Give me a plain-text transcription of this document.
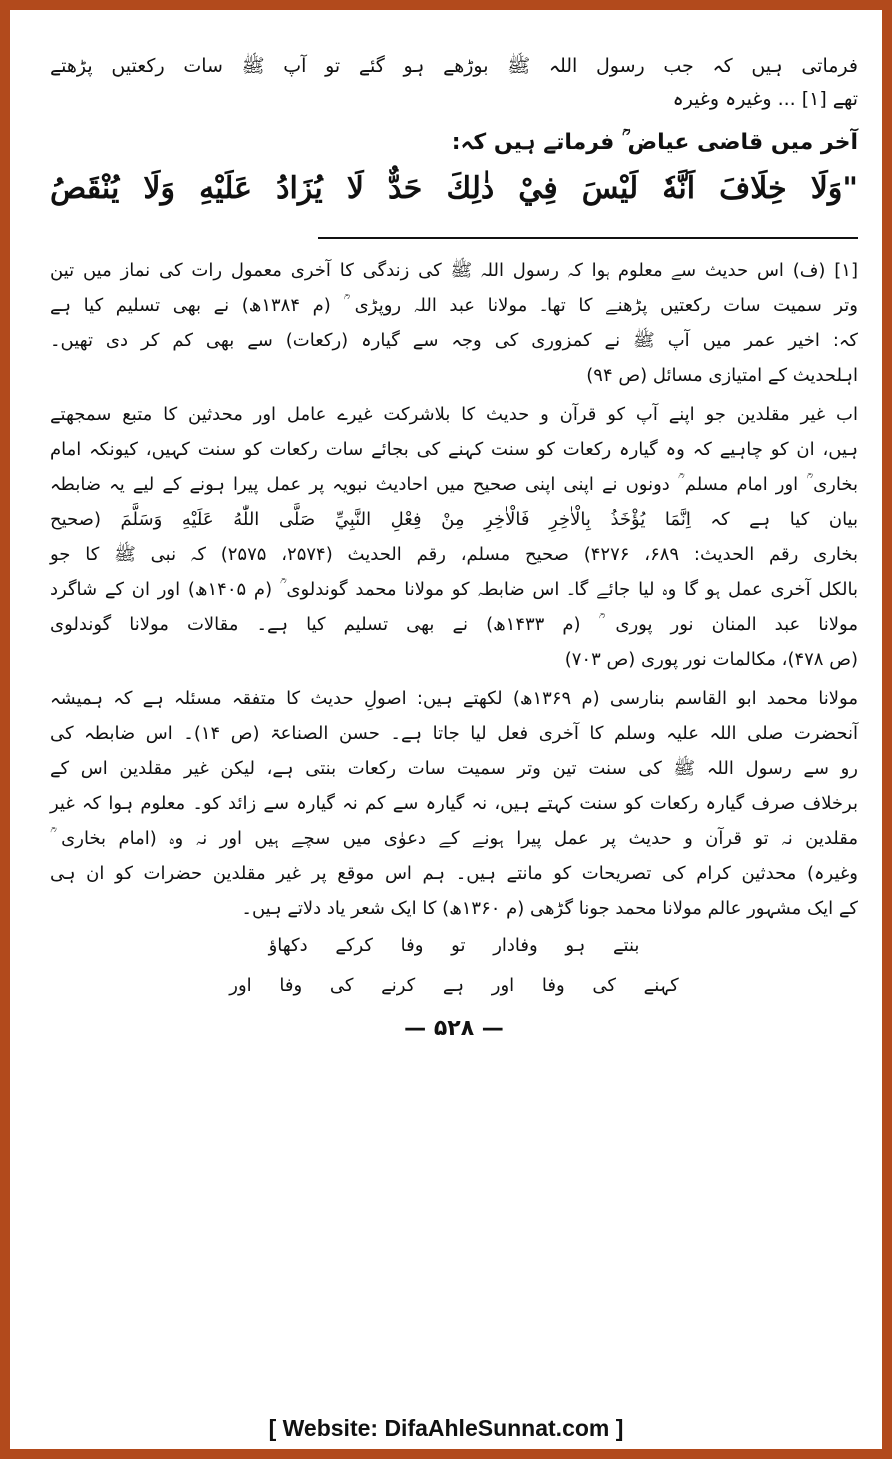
فرماتی ہیں کہ جب رسول اللہ ﷺ بوڑھے ہو گئے تو آپ ﷺ سات رکعتیں پڑھتے
تھے [۱] ... وغیرہ وغیرہ
آخر میں قاضی عیاض ؒ فرماتے ہیں کہ:
"وَلَا خِلَافَ اَنَّهٗ لَيْسَ فِيْ ذٰلِكَ حَدٌّ لَا يُزَادُ عَلَيْهِ وَلَا يُنْقَصُ
[۱] (ف) اس حدیث سے معلوم ہوا کہ رسول اللہ ﷺ کی زندگی کا آخری معمول رات کی نماز میں تین
وتر سمیت سات رکعتیں پڑھنے کا تھا۔ مولانا عبد اللہ روپڑی ؒ (م ۱۳۸۴ھ) نے بھی تسلیم کیا ہے
کہ: اخیر عمر میں آپ ﷺ نے کمزوری کی وجہ سے گیارہ (رکعات) سے بھی کم کر دی تھیں۔
اہلحدیث کے امتیازی مسائل (ص ۹۴)
اب غیر مقلدین جو اپنے آپ کو قرآن و حدیث کا بلاشرکت غیرے عامل اور محدثین کا متبع سمجھتے
ہیں، ان کو چاہیے کہ وہ گیارہ رکعات کو سنت کہنے کی بجائے سات رکعات کو سنت کہیں، کیونکہ امام
بخاری ؒ اور امام مسلم ؒ دونوں نے اپنی اپنی صحیح میں احادیث نبویہ پر عمل پیرا ہونے کے لیے یہ ضابطہ
بیان کیا ہے کہ اِنَّمَا يُؤْخَذُ بِالْاٰخِرِ فَالْاٰخِرِ مِنْ فِعْلِ النَّبِيِّ صَلَّى اللّٰهُ عَلَيْهِ وَسَلَّمَ (صحیح
بخاری رقم الحدیث: ۶۸۹، ۴۲۷۶) صحیح مسلم، رقم الحدیث (۲۵۷۴، ۲۵۷۵) کہ نبی ﷺ کا جو
بالکل آخری عمل ہو گا وہ لیا جائے گا۔ اس ضابطہ کو مولانا محمد گوندلوی ؒ (م ۱۴۰۵ھ) اور ان کے شاگرد
مولانا عبد المنان نور پوری ؒ (م ۱۴۳۳ھ) نے بھی تسلیم کیا ہے۔ مقالات مولانا گوندلوی
(ص ۴۷۸)، مکالمات نور پوری (ص ۷۰۳)
مولانا محمد ابو القاسم بنارسی (م ۱۳۶۹ھ) لکھتے ہیں: اصولِ حدیث کا متفقہ مسئلہ ہے کہ ہمیشہ
آنحضرت صلی اللہ علیہ وسلم کا آخری فعل لیا جاتا ہے۔ حسن الصناعۃ (ص ۱۴)۔ اس ضابطہ کی
رو سے رسول اللہ ﷺ کی سنت تین وتر سمیت سات رکعات بنتی ہے، لیکن غیر مقلدین اس کے
برخلاف صرف گیارہ رکعات کو سنت کہتے ہیں، نہ گیارہ سے کم نہ گیارہ سے زائد کو۔ معلوم ہوا کہ غیر
مقلدین نہ تو قرآن و حدیث پر عمل پیرا ہونے کے دعوٰی میں سچے ہیں اور نہ وہ (امام بخاری ؒ
وغیرہ) محدثین کرام کی تصریحات کو مانتے ہیں۔ ہم اس موقع پر غیر مقلدین حضرات کو ان ہی
کے ایک مشہور عالم مولانا محمد جونا گڑھی (م ۱۳۶۰ھ) کا ایک شعر یاد دلاتے ہیں۔
بنتے ہو وفادار تو وفا کرکے دکھاؤ
کہنے کی وفا اور ہے کرنے کی وفا اور
— ۵۲۸ —
[ Website: DifaAhleSunnat.com ]
